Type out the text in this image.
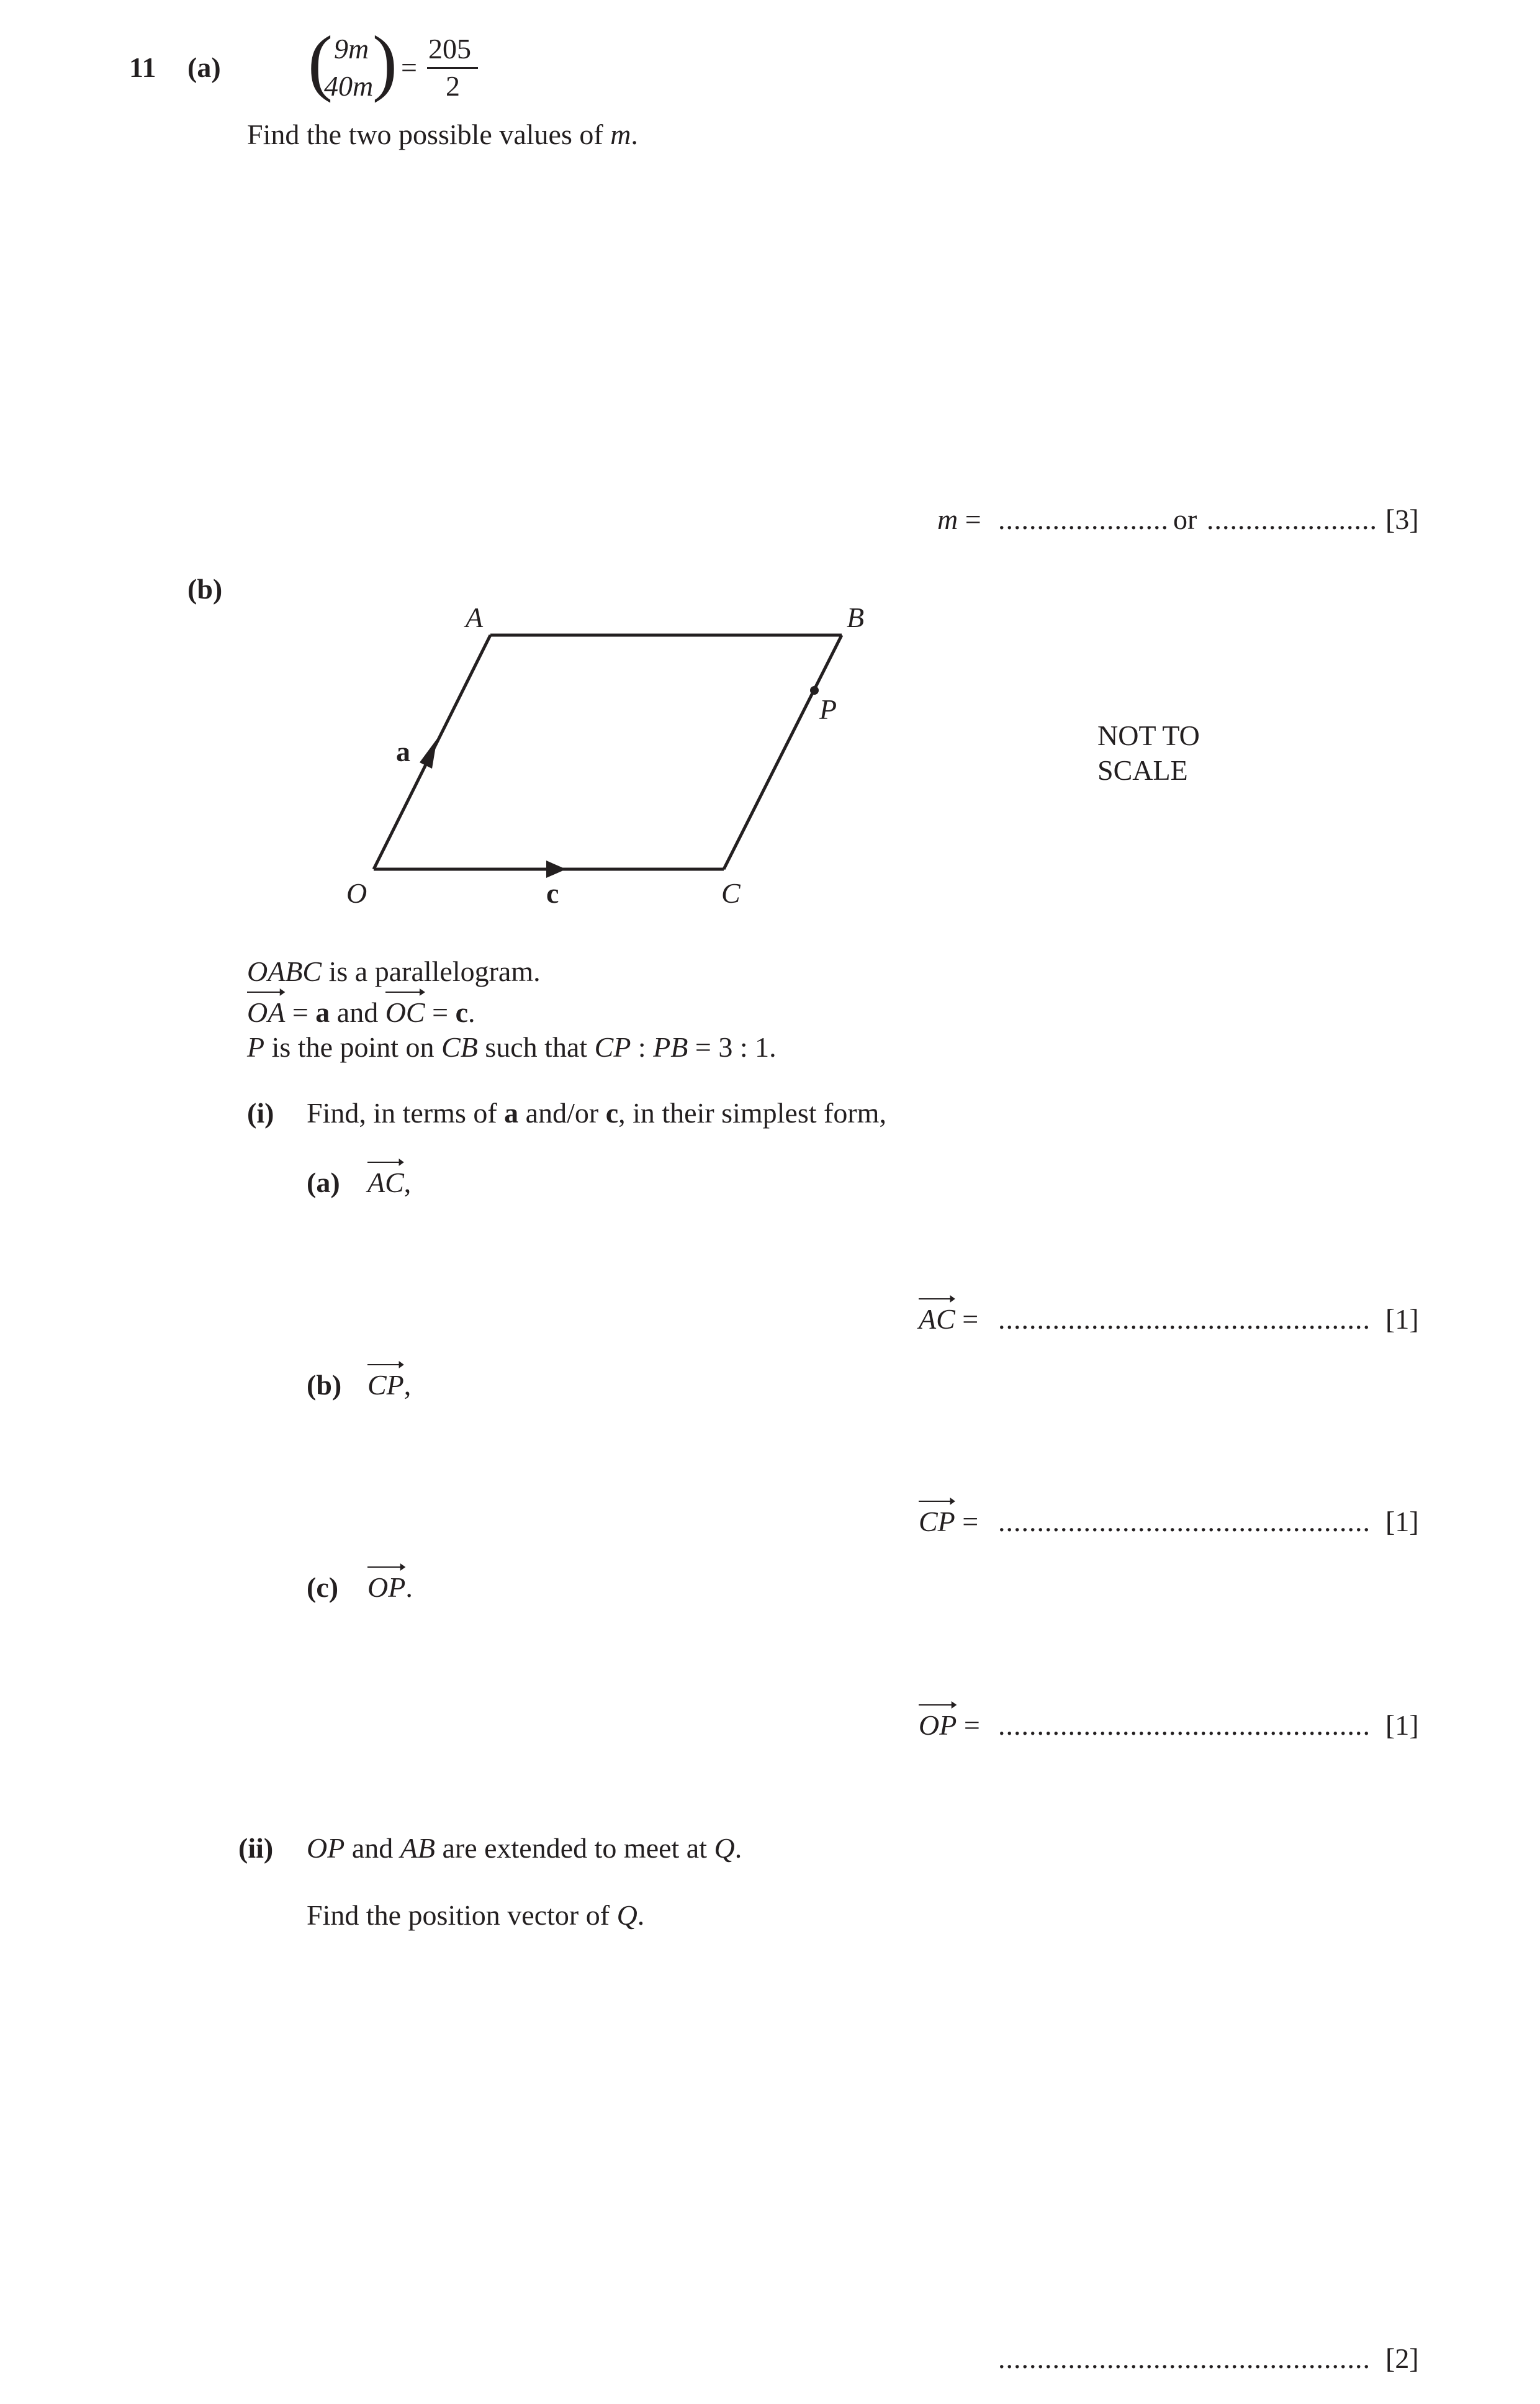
11 (a) ( 9m
40m
) =
205
2
Find the two possible values of m.
m = ...................... or ...................... [3]
(b)
A	B
P
a
O	c	C
NOT TO
SCALE
OABC is a parallelogram.
OA = a and
OC = c.
P is the point on CB such that CP : PB = 3 : 1.
(i) Find, in terms of a and/or c, in their simplest form,
(a) AC,
AC = ................................................ [1]
(b) CP,
CP = ................................................ [1]
(c) OP.
OP = ................................................ [1]
(ii) OP and AB are extended to meet at Q.
Find the position vector of Q.
................................................ [2]
